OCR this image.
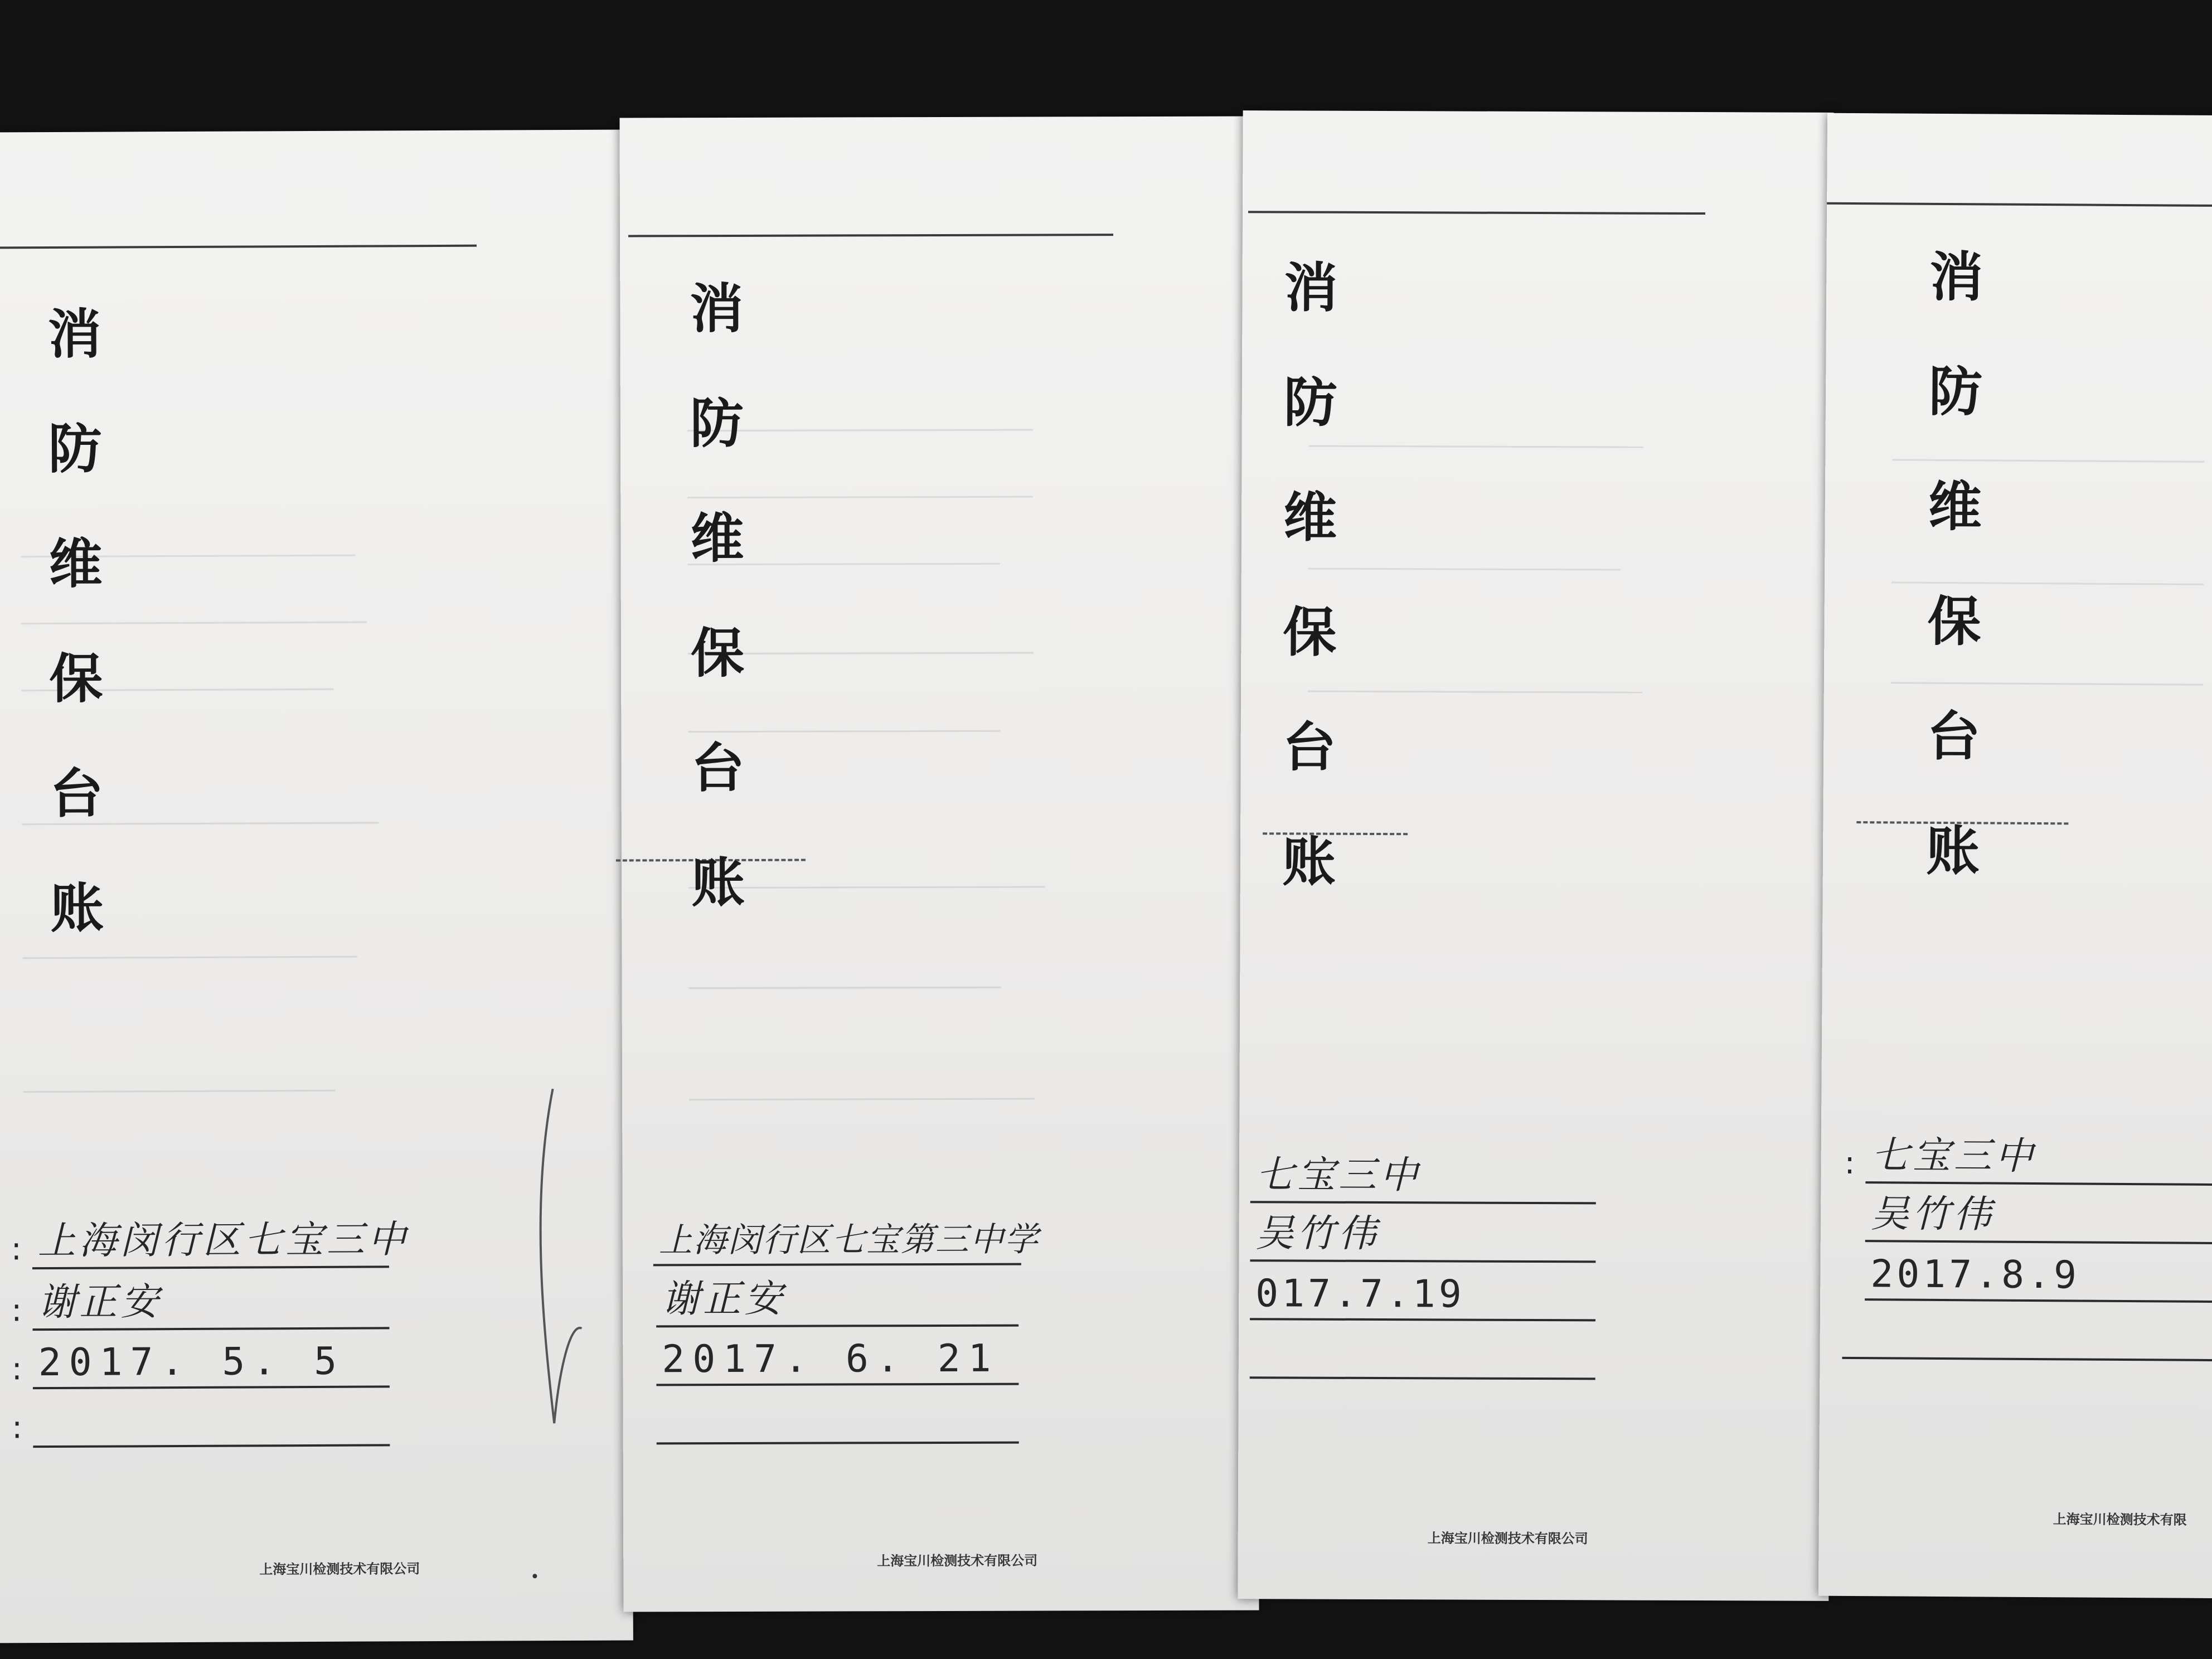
消
防
维
保
台
账
: 上海闵行区七宝三中
: 谢正安
: 2017. 5. 5
:
上海宝川检测技术有限公司
消
防
维
保
台
账
上海闵行区七宝第三中学
谢正安
2017. 6. 21
上海宝川检测技术有限公司
消
防
维
保
台
账
七宝三中
吴竹伟
017.7.19
上海宝川检测技术有限公司
消
防
维
保
台
账
: 七宝三中
吴竹伟
2017.8.9
上海宝川检测技术有限
